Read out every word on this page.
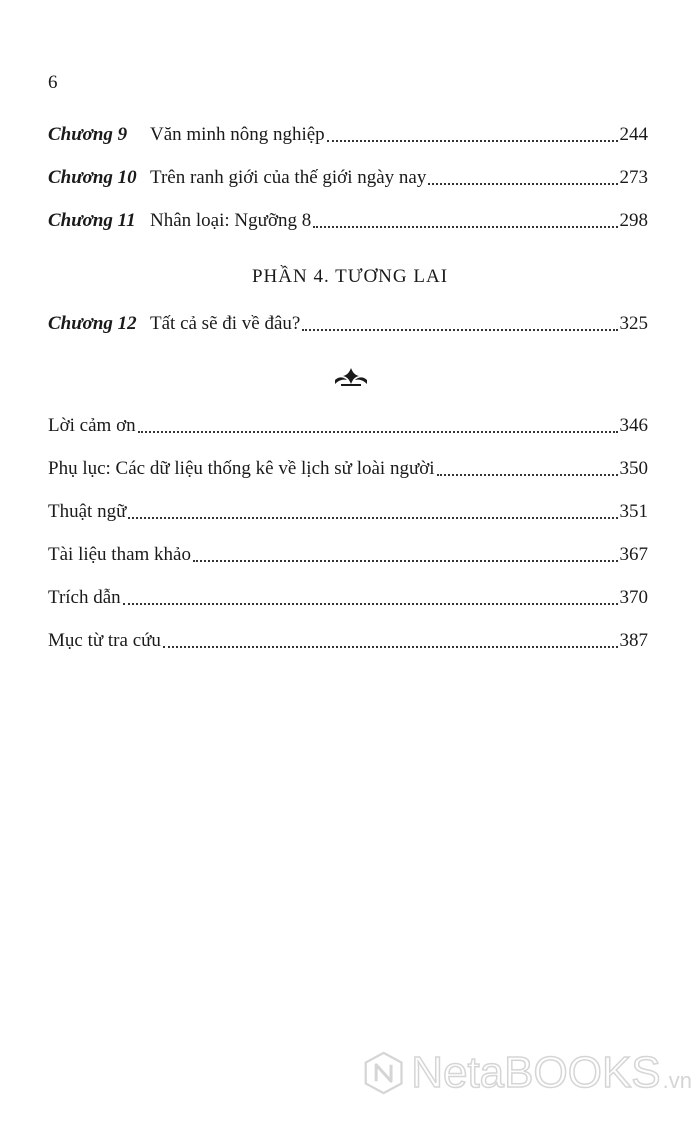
6
Chương 9	Văn minh nông nghiệp	244
Chương 10 Trên ranh giới của thế giới ngày nay	273
Chương 11 Nhân loại: Ngưỡng 8	298
PHẦN 4. TƯƠNG LAI
Chương 12 Tất cả sẽ đi về đâu?	325
Lời cảm ơn	346
Phụ lục: Các dữ liệu thống kê về lịch sử loài người	350
Thuật ngữ	351
Tài liệu tham khảo	367
Trích dẫn	370
Mục từ tra cứu	387
NetaBOOKS .vn
